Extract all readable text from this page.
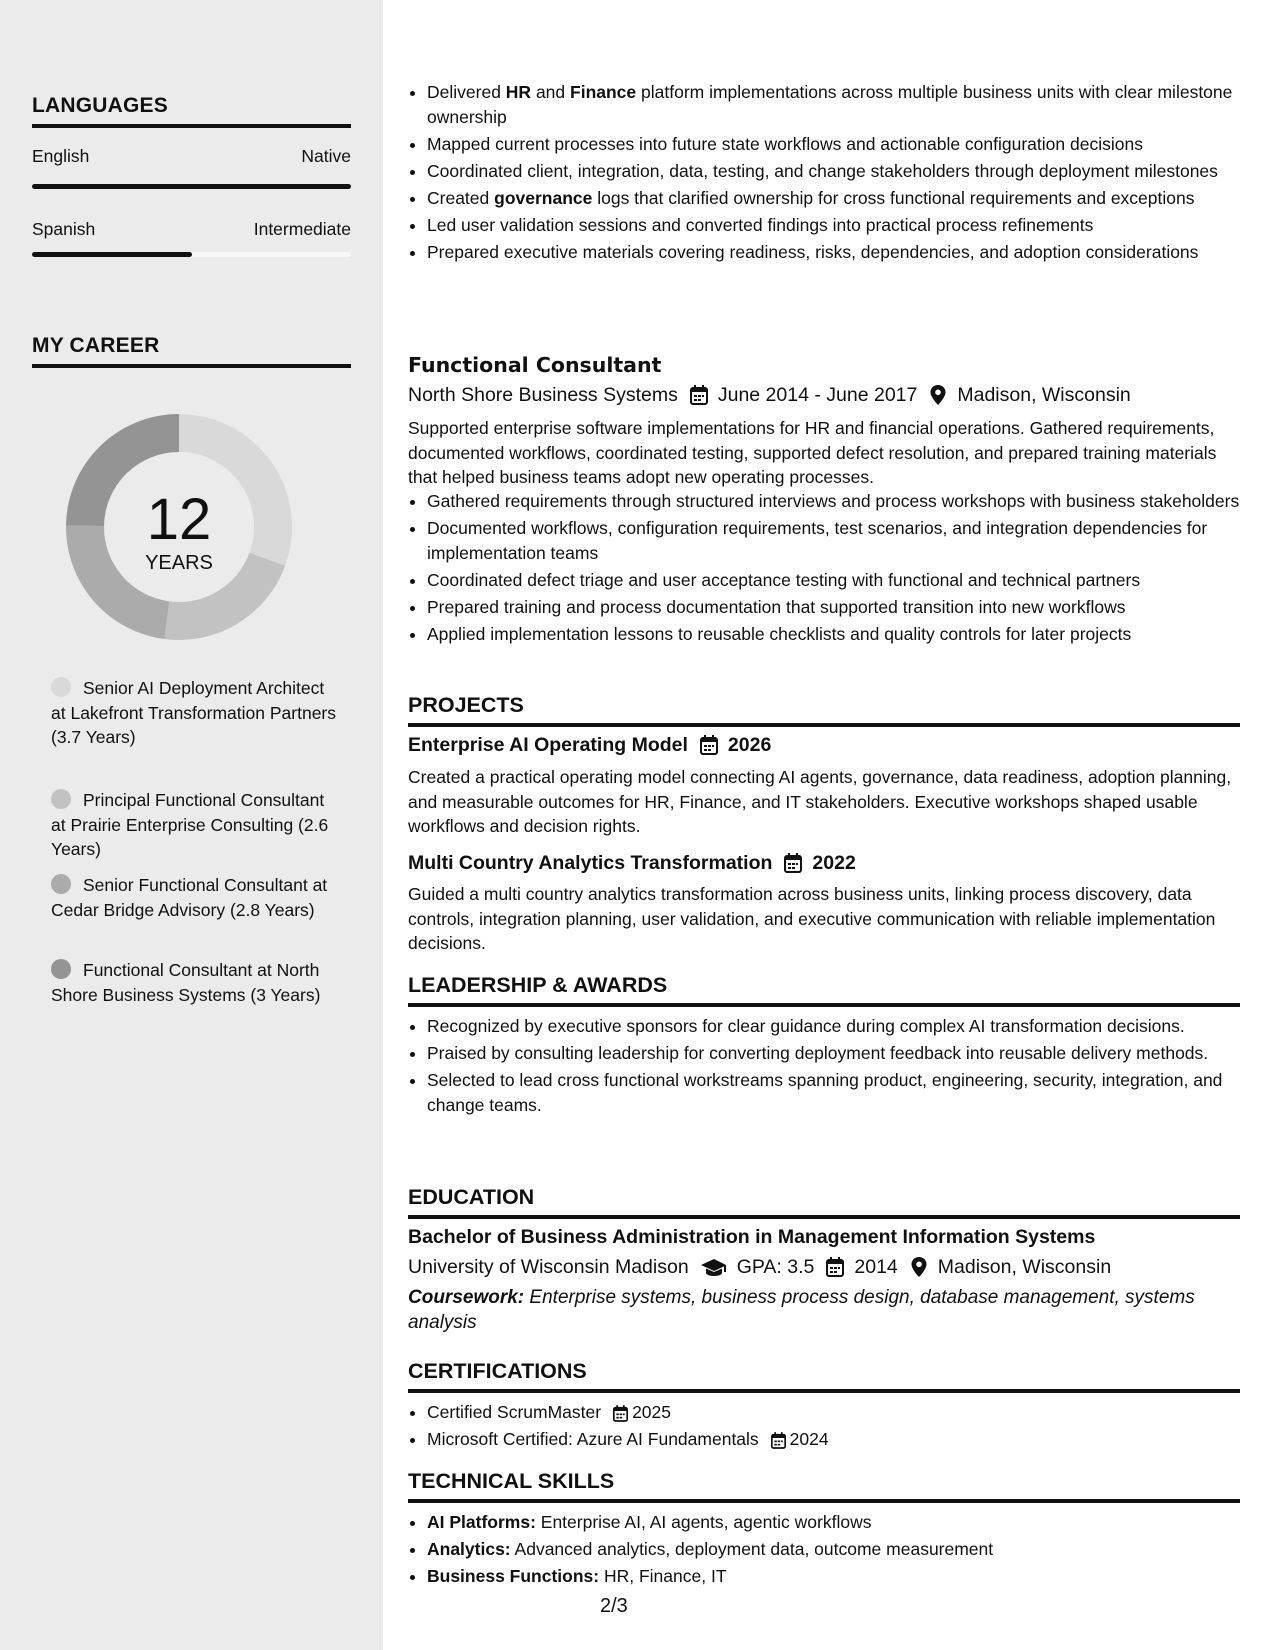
LANGUAGES
English	Native
Spanish	Intermediate
MY CAREER
12
YEARS
Senior AI Deployment Architect at Lakefront Transformation Partners (3.7 Years)
Principal Functional Consultant at Prairie Enterprise Consulting (2.6 Years)
Senior Functional Consultant at Cedar Bridge Advisory (2.8 Years)
Functional Consultant at North Shore Business Systems (3 Years)
• Delivered HR and Finance platform implementations across multiple business units with clear milestone ownership
• Mapped current processes into future state workflows and actionable configuration decisions
• Coordinated client, integration, data, testing, and change stakeholders through deployment milestones
• Created governance logs that clarified ownership for cross functional requirements and exceptions
• Led user validation sessions and converted findings into practical process refinements
• Prepared executive materials covering readiness, risks, dependencies, and adoption considerations
Functional Consultant
North Shore Business Systems June 2014 - June 2017 Madison, Wisconsin
Supported enterprise software implementations for HR and financial operations. Gathered requirements, documented workflows, coordinated testing, supported defect resolution, and prepared training materials that helped business teams adopt new operating processes.
• Gathered requirements through structured interviews and process workshops with business stakeholders
• Documented workflows, configuration requirements, test scenarios, and integration dependencies for implementation teams
• Coordinated defect triage and user acceptance testing with functional and technical partners
• Prepared training and process documentation that supported transition into new workflows
• Applied implementation lessons to reusable checklists and quality controls for later projects
PROJECTS
Enterprise AI Operating Model 2026
Created a practical operating model connecting AI agents, governance, data readiness, adoption planning, and measurable outcomes for HR, Finance, and IT stakeholders. Executive workshops shaped usable workflows and decision rights.
Multi Country Analytics Transformation 2022
Guided a multi country analytics transformation across business units, linking process discovery, data controls, integration planning, user validation, and executive communication with reliable implementation decisions.
LEADERSHIP & AWARDS
• Recognized by executive sponsors for clear guidance during complex AI transformation decisions.
• Praised by consulting leadership for converting deployment feedback into reusable delivery methods.
• Selected to lead cross functional workstreams spanning product, engineering, security, integration, and change teams.
EDUCATION
Bachelor of Business Administration in Management Information Systems
University of Wisconsin Madison GPA: 3.5 2014 Madison, Wisconsin
Coursework: Enterprise systems, business process design, database management, systems analysis
CERTIFICATIONS
• Certified ScrumMaster 2025
• Microsoft Certified: Azure AI Fundamentals 2024
TECHNICAL SKILLS
• AI Platforms: Enterprise AI, AI agents, agentic workflows
• Analytics: Advanced analytics, deployment data, outcome measurement
• Business Functions: HR, Finance, IT
2/3
